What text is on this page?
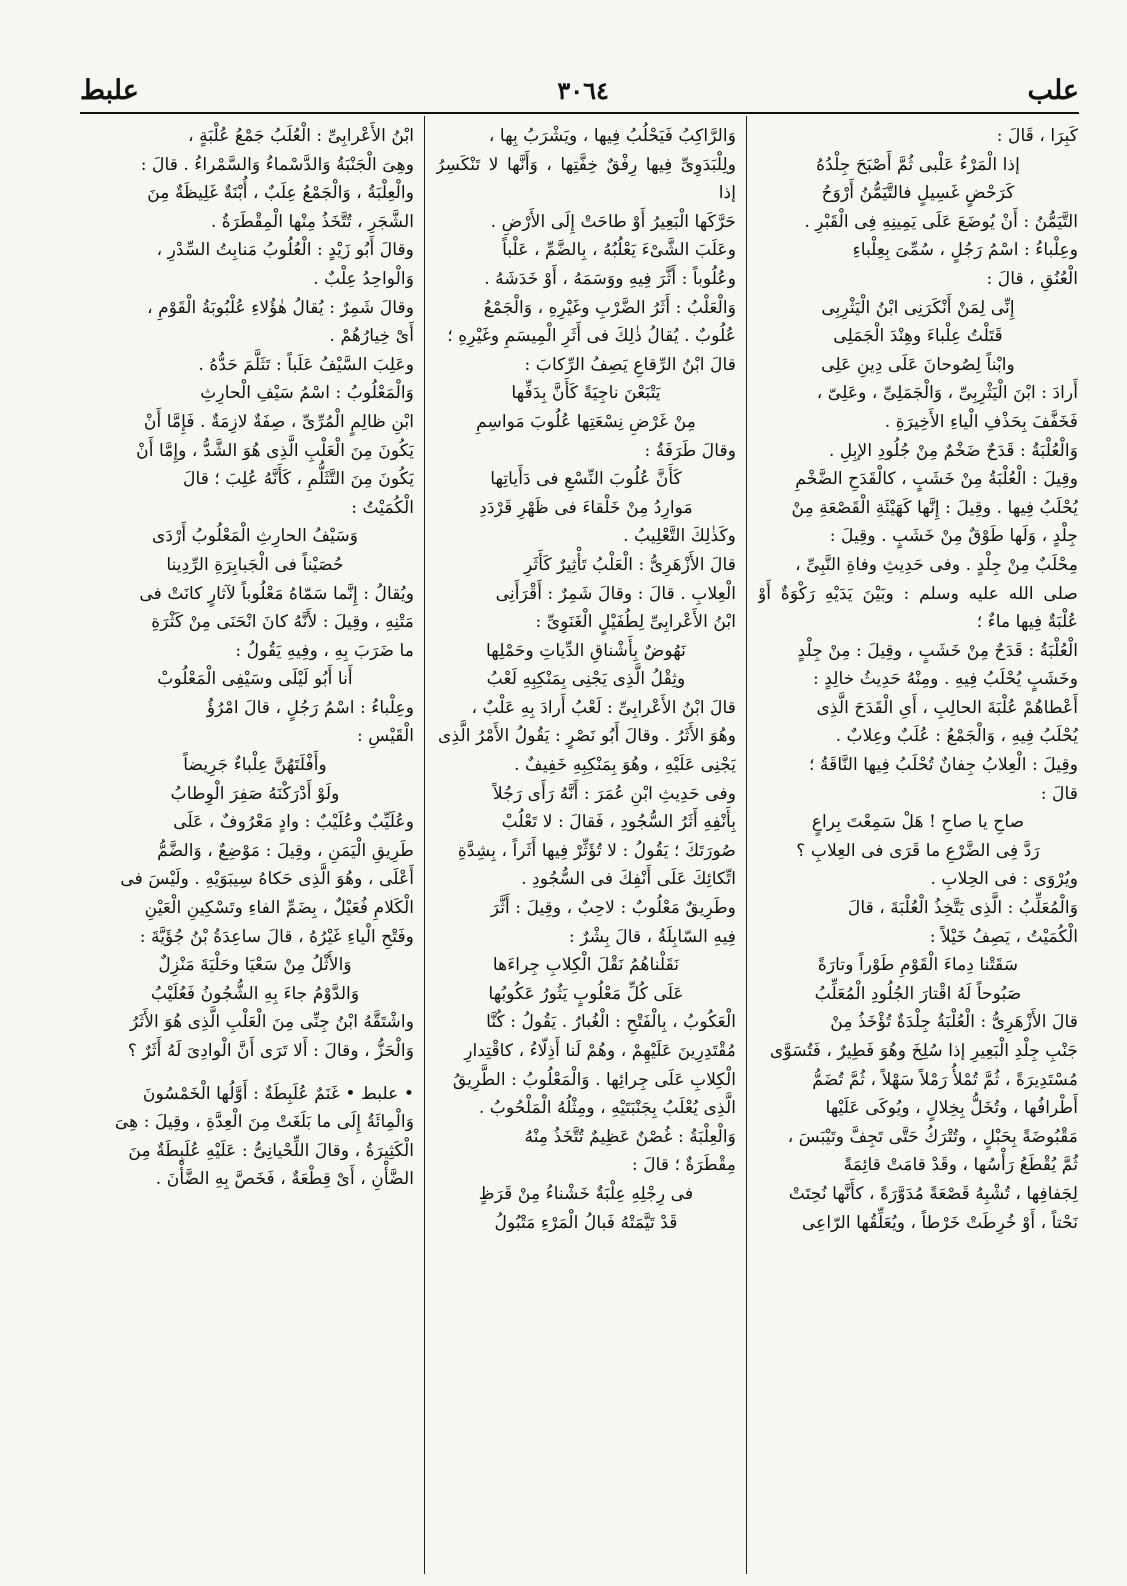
علب
٣٠٦٤
علبط

كَبِرَا ، قَالَ :

إذا الْمَرْءُ عَلْبى ثُمَّ أَصْبَحَ جِلْدُهُ

كَرَحْضٍ غَسِيلٍ فالتَّيَمُّنُ أَرْوَحُ

التَّيَمُّنُ : أَنْ يُوضَعَ عَلَى يَمِينِهِ فِى الْقَبْرِ .

وعِلْباءُ : اسْمُ رَجُلٍ ، سُمِّىَ بِعِلْباءِ

الْعُنُقِ ، قالَ :

إِنِّى لِمَنْ أَنْكَرَنِى ابْنُ الْيَثْرِبِى

قَتَلْتُ عِلْباءَ وهِنْدَ الْجَمَلِى

وابْناً لِصُوحانَ عَلَى دِينِ عَلِى

أَرادَ : ابْنَ الْيَثْرِبِىِّ ، وَالْجَمَلِىِّ ، وعَلِىّ ،

فَخَفَّفَ بِحَذْفِ الْياءِ الأَخِيرَةِ .

وَالْعُلْبَةُ : قَدَحٌ ضَخْمٌ مِنْ جُلُودِ الإبِلِ .

وقِيلَ : الْعُلْبَةُ مِنْ خَشَبٍ ، كالْقَدَحِ الضَّخْمِ

يُحْلَبُ فِيها . وقِيلَ : إِنَّها كَهَيْئَةِ الْقَصْعَةِ مِنْ

جِلْدٍ ، وَلَها طَوْقٌ مِنْ خَشَبٍ . وقِيلَ :

مِحْلَبٌ مِنْ جِلْدٍ . وفى حَدِيثِ وفاةِ النَّبِىِّ ،

صلى الله عليه وسلم : وبَيْنَ يَدَيْهِ رَكْوَةٌ أَوْ عُلْبَةٌ فِيها ماءٌ ؛

الْعُلْبَةُ : قَدَحٌ مِنْ خَشَبٍ ، وقِيلَ : مِنْ جِلْدٍ

وخَشَبٍ يُحْلَبُ فِيهِ . ومِنْهُ حَدِيثُ خالِدٍ :

أَعْطاهُمْ عُلْبَةَ الحالِبِ ، أَىِ الْقَدَحَ الَّذِى

يُحْلَبُ فِيهِ ، وَالْجَمْعُ : عُلَبٌ وعِلابٌ .

وقِيلَ : الْعِلابُ جِفانٌ تُحْلَبُ فِيها النَّاقَةُ ؛

قالَ :

صاحِ يا صاحِ ! هَلْ سَمِعْتَ بِراعٍ

رَدَّ فِى الضَّرْعِ ما قَرَى فى العِلابِ ؟

ويُرْوَى : فى الحِلابِ .

وَالْمُعَلِّبُ : الَّذِى يَتَّخِذُ الْعُلْبَةَ ، قالَ

الْكُمَيْتُ ، يَصِفُ خَيْلاً :

سَقَتْنا دِماءَ الْقَوْمِ طَوْراً وتارَةً

صَبُوحاً لَهُ اقْتارَ الجُلُودِ الْمُعَلِّبُ

قالَ الأَزْهَرِىُّ : الْعُلْبَةُ جِلْدَةٌ تُؤْخَذُ مِنْ

جَنْبِ جِلْدِ الْبَعِيرِ إذا سُلِخَ وهُوَ فَطِيرٌ ، فَتُسَوَّى

مُسْتَدِيرَةً ، ثُمَّ تُمْلأُ رَمْلاً سَهْلاً ، ثُمَّ تُضَمُّ

أَطْرافُها ، وتُخَلُّ بِخِلالٍ ، ويُوكَى عَلَيْها

مَقْبُوضَةً بِحَبْلٍ ، وتُتْرَكُ حَتَّى تَجِفَّ وتَيْبَسَ ،

ثُمَّ يُقْطَعُ رَأْسُها ، وقَدْ قامَتْ قائِمَةً

لِجَفافِها ، تُشْبِهُ قَصْعَةً مُدَوَّرَةً ، كأَنَّها نُحِتَتْ

نَحْتاً ، أَوْ خُرِطَتْ خَرْطاً ، ويُعَلِّقُها الرّاعِى

وَالرَّاكِبُ فَيَحْلُبُ فِيها ، ويَشْرَبُ بِها ،

ولِلْبَدَوِىِّ فِيها رِفْقٌ خِفَّتِها ، وَأَنَّها لا تَنْكَسِرُ إذا

حَرَّكَها الْبَعِيرُ أَوْ طاحَتْ إِلَى الأَرْضِ .

وعَلَبَ الشَّىْءَ يَعْلُبُهُ ، بِالضَّمِّ ، عَلْباً

وعُلُوباً : أَثَّرَ فِيهِ ووَسَمَهُ ، أَوْ خَدَشَهُ .

وَالْعَلْبُ : أَثَرُ الضَّرْبِ وغَيْرِهِ ، وَالْجَمْعُ

عُلُوبٌ . يُقالُ ذٰلِكَ فى أَثَرِ الْمِيسَمِ وغَيْرِهِ ؛

قالَ ابْنُ الرِّقاعِ يَصِفُ الرِّكابَ :

يَتْبَعْنَ ناجِيَةً كَأَنَّ بِدَفِّها

مِنْ غَرْضِ نِسْعَتِها عُلُوبَ مَواسِمِ

وقالَ طَرَفَةُ :

كَأَنَّ عُلُوبَ النِّسْعِ فى دَأَياتِها

مَوارِدُ مِنْ خَلْقاءَ فى ظَهْرِ قَرْدَدِ

وكَذٰلِكَ التَّعْلِيبُ .

قالَ الأَزْهَرِىُّ : الْعَلْبُ تَأْثِيرٌ كَأَثَرِ

الْعِلابِ . قالَ : وقالَ شَمِرٌ : أَقْرَأَنِى

ابْنُ الأَعْرابِىِّ لِطُفَيْلٍ الْغَنَوِىِّ :

نَهُوضٌ بِأَشْناقِ الدِّياتِ وحَمْلِها

وثِقْلُ الَّذِى يَجْنِى بِمَنْكِبِهِ لَعْبُ

قالَ ابْنُ الأَعْرابِىِّ : لَعْبُ أَرادَ بِهِ عَلْبٌ ،

وهُوَ الأَثَرُ . وقالَ أَبُو نَصْرٍ : يَقُولُ الأَمْرُ الَّذِى

يَجْنِى عَلَيْهِ ، وهُوَ بِمَنْكِبِهِ خَفِيفٌ .

وفى حَدِيثِ ابْنِ عُمَرَ : أَنَّهُ رَأَى رَجُلاً

بِأَنْفِهِ أَثَرُ السُّجُودِ ، فَقالَ : لا تَعْلُبْ

صُورَتَكَ ؛ يَقُولُ : لا تُؤَثِّرْ فِيها أَثَراً ، بِشِدَّةِ

اتِّكائِكَ عَلَى أَنْفِكَ فى السُّجُودِ .

وطَرِيقٌ مَعْلُوبٌ : لاحِبٌ ، وقِيلَ : أَثَّرَ

فِيهِ السّابِلَةُ ، قالَ بِشْرٌ :

نَقَلْناهُمُ نَقْلَ الْكِلابِ جِراءَها

عَلَى كُلِّ مَعْلُوبٍ يَثُورُ عَكُوبُها

الْعَكُوبُ ، بِالْفَتْحِ : الْغُبارُ . يَقُولُ : كُنَّا

مُقْتَدِرِينَ عَلَيْهِمْ ، وهُمْ لَنا أَذِلّاءُ ، كاقْتِدارِ

الْكِلابِ عَلَى جِرائِها . وَالْمَعْلُوبُ : الطَّرِيقُ

الَّذِى يُعْلَبُ بِجَنْبَتَيْهِ ، ومِثْلُهُ الْمَلْحُوبُ .

وَالْعِلْبَةُ : غُصْنٌ عَظِيمٌ تُتَّخَذُ مِنْهُ

مِقْطَرَةٌ ؛ قالَ :

فى رِجْلِهِ عِلْبَةٌ خَشْناءُ مِنْ قَرَظٍ

قَدْ تَيَّمَتْهُ فَبالُ الْمَرْءِ مَتْبُولُ

ابْنُ الأَعْرابِىِّ : الْعُلَبُ جَمْعُ عُلْبَةٍ ،

وهِىَ الْجَنْبَةُ وَالدَّسْماءُ وَالسَّمْراءُ . قالَ :

والْعِلْبَةُ ، وَالْجَمْعُ عِلَبٌ ، أُبْنَةٌ غَلِيظَةٌ مِنَ

الشَّجَرِ ، تُتَّخَذُ مِنْها الْمِقْطَرَةُ .

وقالَ أَبُو زَيْدٍ : الْعُلُوبُ مَنابِتُ السِّدْرِ ،

وَالْواحِدُ عِلْبٌ .

وقالَ شَمِرٌ : يُقالُ هٰؤُلاءِ عُلْبُوبَةُ الْقَوْمِ ،

أَىْ خِيارُهُمْ .

وعَلِبَ السَّيْفُ عَلَباً : تَثَلَّمَ حَدُّهُ .

وَالْمَعْلُوبُ : اسْمُ سَيْفِ الْحارِثِ

ابْنِ ظالِمٍ الْمُرِّىِّ ، صِفَةٌ لازِمَةٌ . فَإِمَّا أَنْ

يَكُونَ مِنَ الْعَلْبِ الَّذِى هُوَ الشَّدُّ ، وإِمَّا أَنْ

يَكُونَ مِنَ التَّثَلُّمِ ، كَأَنَّهُ عُلِبَ ؛ قالَ

الْكُمَيْتُ :

وَسَيْفُ الحارِثِ الْمَعْلُوبُ أَرْدَى

حُصَيْناً فى الْجَبابِرَةِ الرِّدِينا

ويُقالُ : إِنَّما سَمّاهُ مَعْلُوباً لآثارٍ كانَتْ فى

مَتْنِهِ ، وقِيلَ : لأَنَّهُ كانَ انْحَنَى مِنْ كَثْرَةِ

ما ضَرَبَ بِهِ ، وفِيهِ يَقُولُ :

أَنا أَبُو لَيْلَى وسَيْفِى الْمَعْلُوبْ

وعِلْباءُ : اسْمُ رَجُلٍ ، قالَ امْرُؤُ

الْقَيْسِ :

وأَفْلَتَهُنَّ عِلْباءٌ جَرِيضاً

ولَوْ أَدْرَكْنَهُ صَفِرَ الْوِطابُ

وعُلَيِّبٌ وعُلَيْبٌ : وادٍ مَعْرُوفٌ ، عَلَى

طَرِيقِ الْيَمَنِ ، وقِيلَ : مَوْضِعٌ ، وَالضَّمُّ

أَعْلَى ، وهُوَ الَّذِى حَكاهُ سِيبَوَيْهِ . ولَيْسَ فى

الْكَلامِ فُعَيْلٌ ، بِضَمِّ الفاءِ وتَسْكِينِ الْعَيْنِ

وفَتْحِ الْياءِ غَيْرُهُ ، قالَ ساعِدَةُ بْنُ جُؤَيَّةَ :

وَالأَثْلُ مِنْ سَعْيَا وحَلْيَةَ مَنْزِلٌ

وَالدَّوْمُ جاءَ بِهِ الشُّجُونُ فَعُلَيْبُ

واشْتَقَّهُ ابْنُ جِنِّى مِنَ الْعَلْبِ الَّذِى هُوَ الأَثَرُ

وَالْحَزُّ ، وقالَ : أَلا تَرَى أَنَّ الْوادِىَ لَهُ أَثَرٌ ؟

• علبط • غَنَمٌ عُلَبِطَةٌ : أَوَّلُها الْخَمْسُونَ

وَالْمِائَةُ إِلَى ما بَلَغَتْ مِنَ الْعِدَّةِ ، وقِيلَ : هِىَ

الْكَثِيرَةُ ، وقالَ اللِّحْيانِىُّ : عَلَيْهِ عُلَبِطَةٌ مِنَ

الضَّأْنِ ، أَىْ قِطْعَةٌ ، فَخَصَّ بِهِ الضَّأْنَ .
